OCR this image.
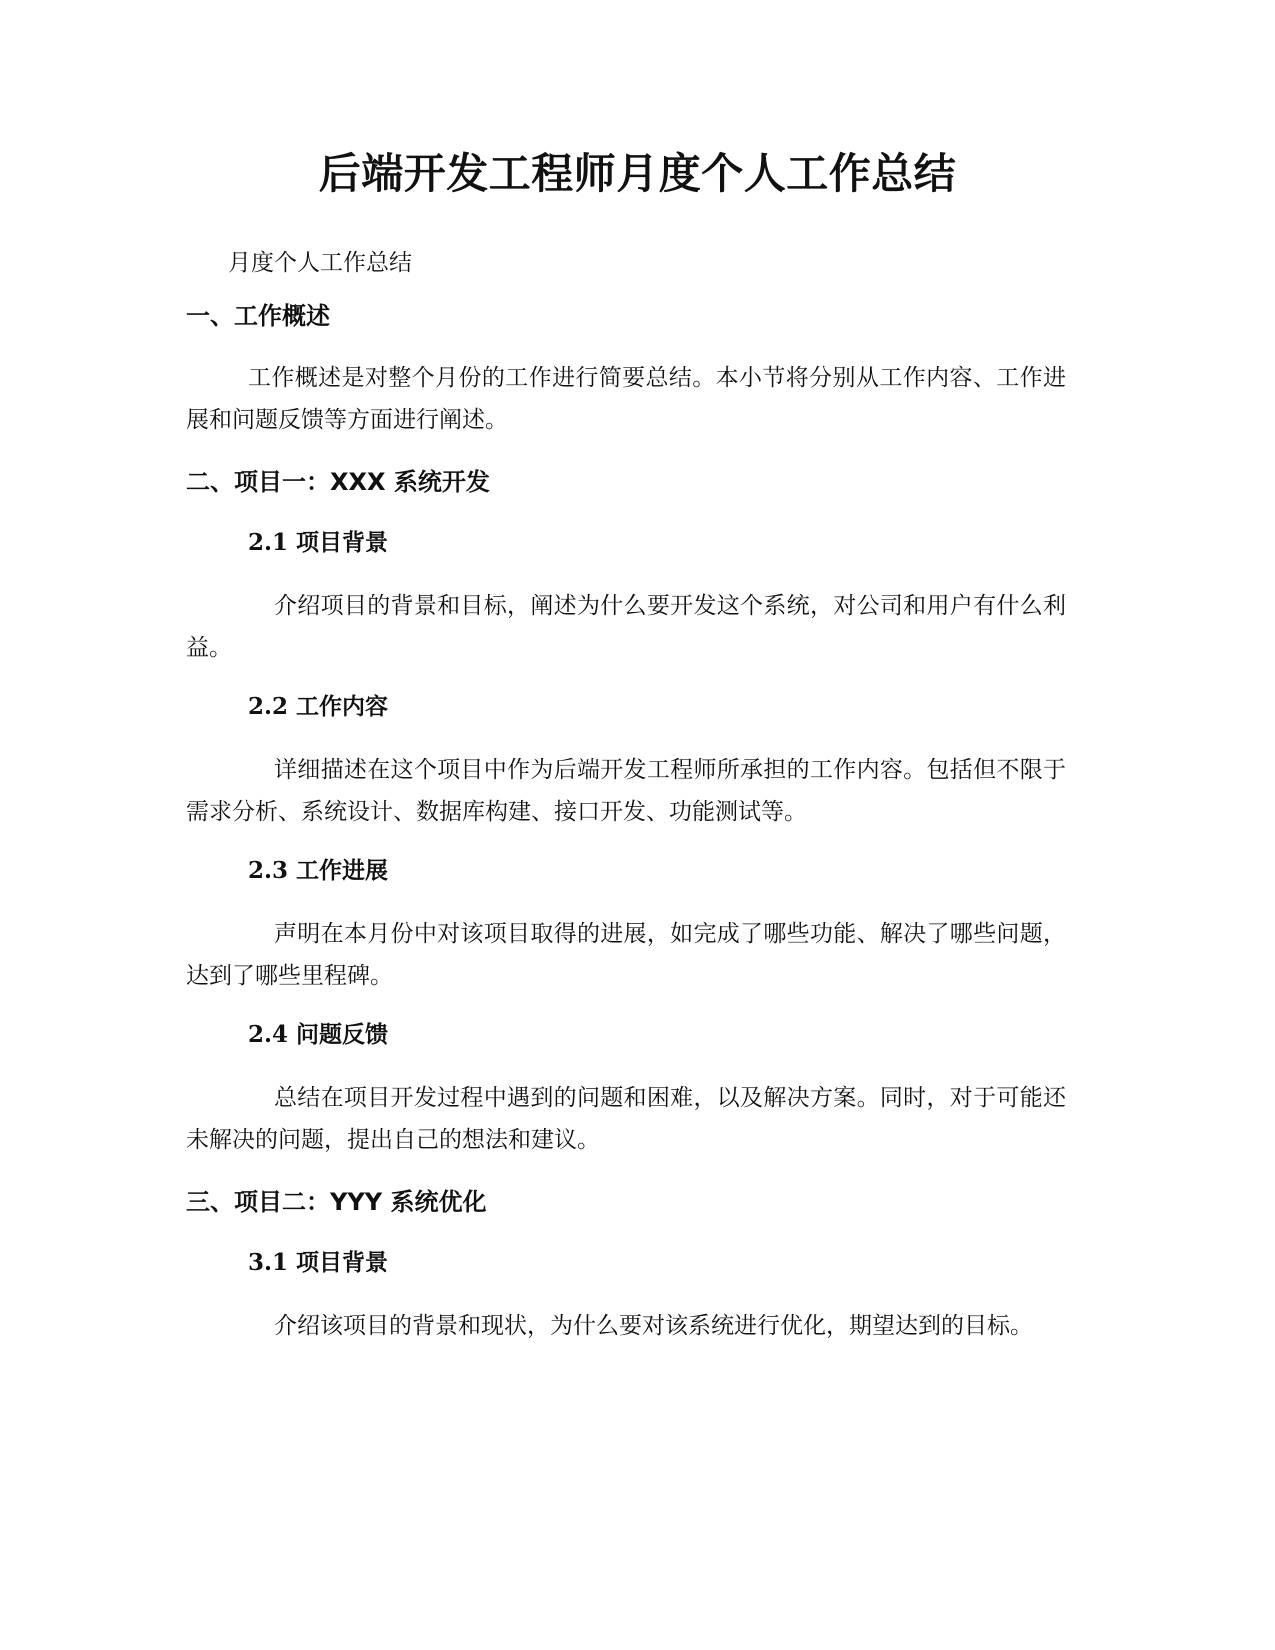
后端开发工程师月度个人工作总结

月度个人工作总结

一、工作概述

工作概述是对整个月份的工作进行简要总结。本小节将分别从工作内容、工作进展和问题反馈等方面进行阐述。

二、项目一：XXX 系统开发
2.1 项目背景

介绍项目的背景和目标，阐述为什么要开发这个系统，对公司和用户有什么利益。

2.2 工作内容

详细描述在这个项目中作为后端开发工程师所承担的工作内容。包括但不限于需求分析、系统设计、数据库构建、接口开发、功能测试等。

2.3 工作进展

声明在本月份中对该项目取得的进展，如完成了哪些功能、解决了哪些问题，达到了哪些里程碑。

2.4 问题反馈

总结在项目开发过程中遇到的问题和困难，以及解决方案。同时，对于可能还未解决的问题，提出自己的想法和建议。

三、项目二：YYY 系统优化
3.1 项目背景

介绍该项目的背景和现状，为什么要对该系统进行优化，期望达到的目标。
